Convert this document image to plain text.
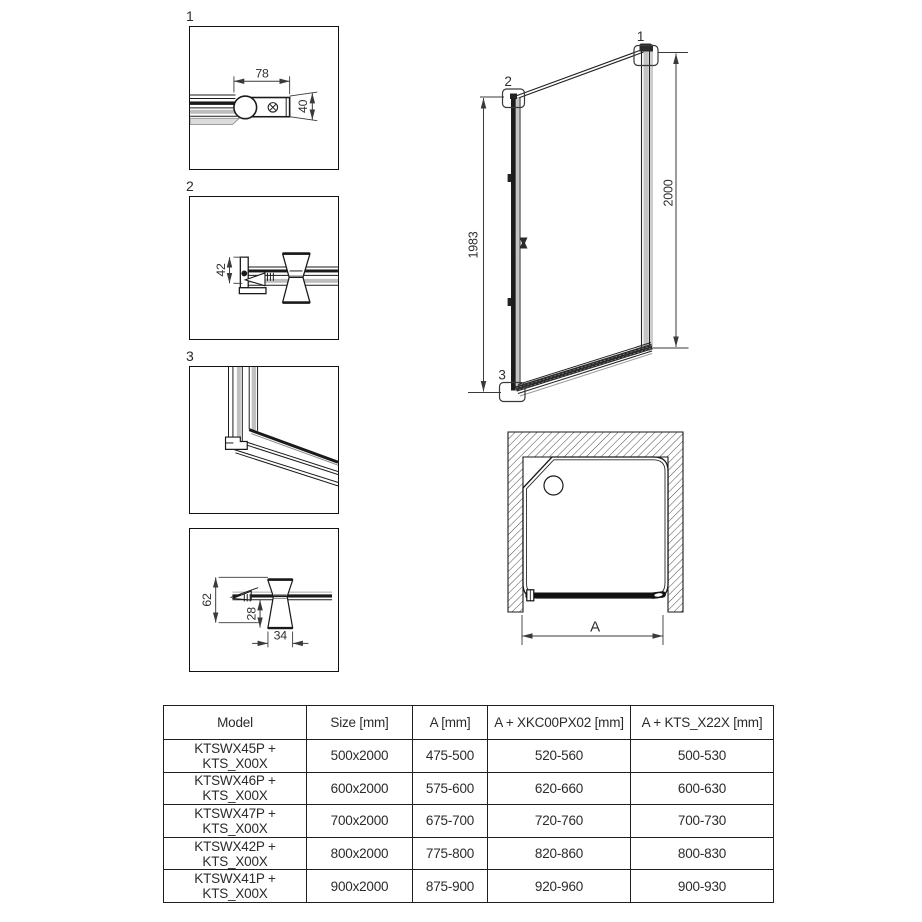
1
78
40
2
42
3
62
28
34
1
2
3
1983
2000
A
Model	Size [mm]	A [mm]	A + XKC00PX02 [mm]	A + KTS_X22X [mm]
KTSWX45P + KTS_X00X	500x2000	475-500	520-560	500-530
KTSWX46P + KTS_X00X	600x2000	575-600	620-660	600-630
KTSWX47P + KTS_X00X	700x2000	675-700	720-760	700-730
KTSWX42P + KTS_X00X	800x2000	775-800	820-860	800-830
KTSWX41P + KTS_X00X	900x2000	875-900	920-960	900-930
